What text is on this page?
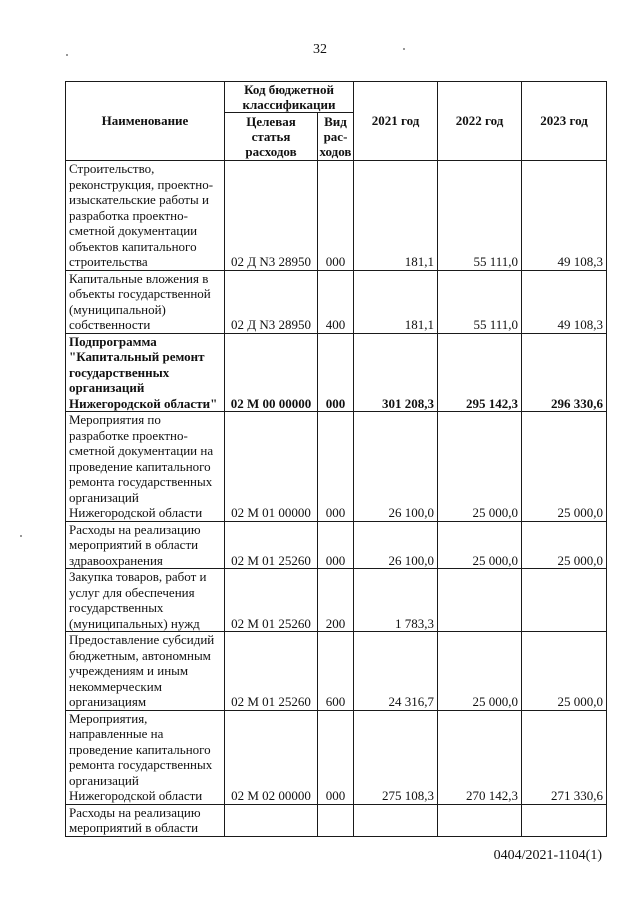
32
Наименование	Код бюджетной классификации		2021 год	2022 год	2023 год
	Целевая статья расходов	Вид рас-ходов			
Строительство, реконструкция, проектно-изыскательские работы и разработка проектно-сметной документации объектов капитального строительства	02 Д N3 28950	000	181,1	55 111,0	49 108,3
Капитальные вложения в объекты государственной (муниципальной) собственности	02 Д N3 28950	400	181,1	55 111,0	49 108,3
Подпрограмма "Капитальный ремонт государственных организаций Нижегородской области"	02 М 00 00000	000	301 208,3	295 142,3	296 330,6
Мероприятия по разработке проектно-сметной документации на проведение капитального ремонта государственных организаций Нижегородской области	02 М 01 00000	000	26 100,0	25 000,0	25 000,0
Расходы на реализацию мероприятий в области здравоохранения	02 М 01 25260	000	26 100,0	25 000,0	25 000,0
Закупка товаров, работ и услуг для обеспечения государственных (муниципальных) нужд	02 М 01 25260	200	1 783,3		
Предоставление субсидий бюджетным, автономным учреждениям и иным некоммерческим организациям	02 М 01 25260	600	24 316,7	25 000,0	25 000,0
Мероприятия, направленные на проведение капитального ремонта государственных организаций Нижегородской области	02 М 02 00000	000	275 108,3	270 142,3	271 330,6
Расходы на реализацию мероприятий в области					
0404/2021-1104(1)
